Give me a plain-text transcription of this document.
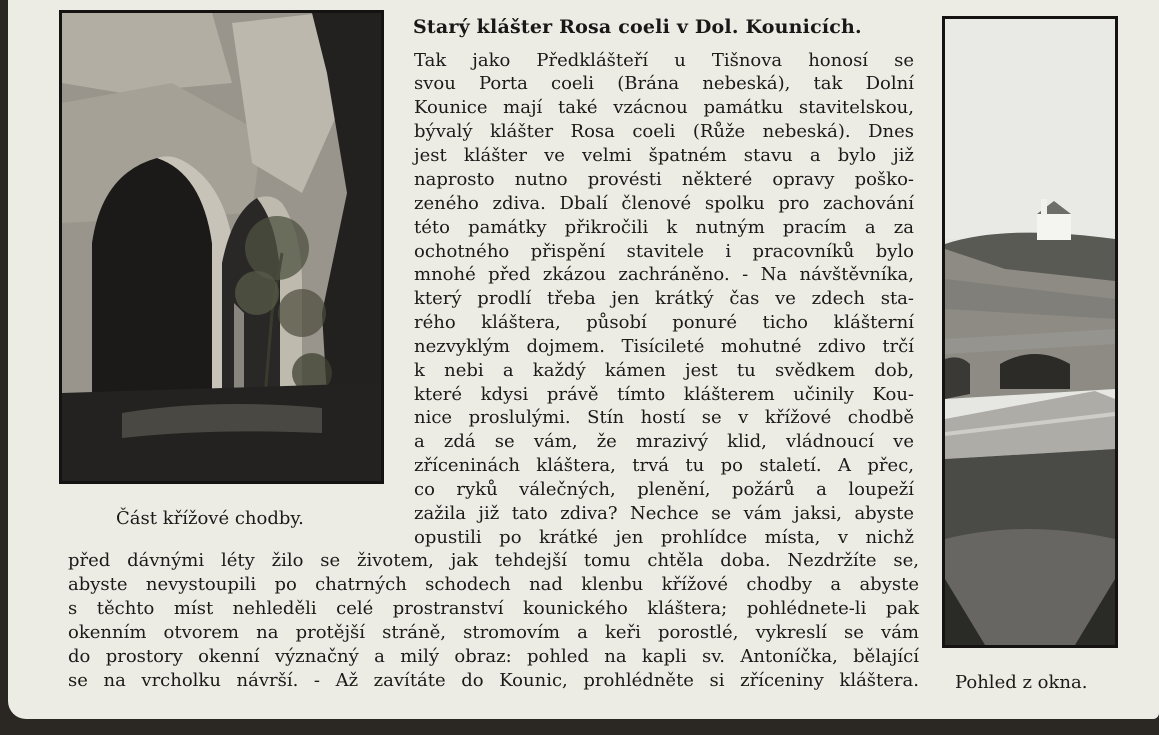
Část křížové chodby.
Pohled z okna.
Starý klášter Rosa coeli v Dol. Kounicích.
Tak jako Předklášteří u Tišnova honosí se
svou Porta coeli (Brána nebeská), tak Dolní
Kounice mají také vzácnou památku stavitelskou,
bývalý klášter Rosa coeli (Růže nebeská). Dnes
jest klášter ve velmi špatném stavu a bylo již
naprosto nutno provésti některé opravy poško-
zeného zdiva. Dbalí členové spolku pro zachování
této památky přikročili k nutným pracím a za
ochotného přispění stavitele i pracovníků bylo
mnohé před zkázou zachráněno. - Na návštěvníka,
který prodlí třeba jen krátký čas ve zdech sta-
rého kláštera, působí ponuré ticho klášterní
nezvyklým dojmem. Tisícileté mohutné zdivo trčí
k nebi a každý kámen jest tu svědkem dob,
které kdysi právě tímto klášterem učinily Kou-
nice proslulými. Stín hostí se v křížové chodbě
a zdá se vám, že mrazivý klid, vládnoucí ve
zříceninách kláštera, trvá tu po staletí. A přec,
co ryků válečných, plenění, požárů a loupeží
zažila již tato zdiva? Nechce se vám jaksi, abyste
opustili po krátké jen prohlídce místa, v nichž
před dávnými léty žilo se životem, jak tehdejší tomu chtěla doba. Nezdržíte se,
abyste nevystoupili po chatrných schodech nad klenbu křížové chodby a abyste
s těchto míst nehleděli celé prostranství kounického kláštera; pohlédnete-li pak
okenním otvorem na protější stráně, stromovím a keři porostlé, vykreslí se vám
do prostory okenní význačný a milý obraz: pohled na kapli sv. Antoníčka, bělající
se na vrcholku návrší. - Až zavítáte do Kounic, prohlédněte si zříceniny kláštera.
